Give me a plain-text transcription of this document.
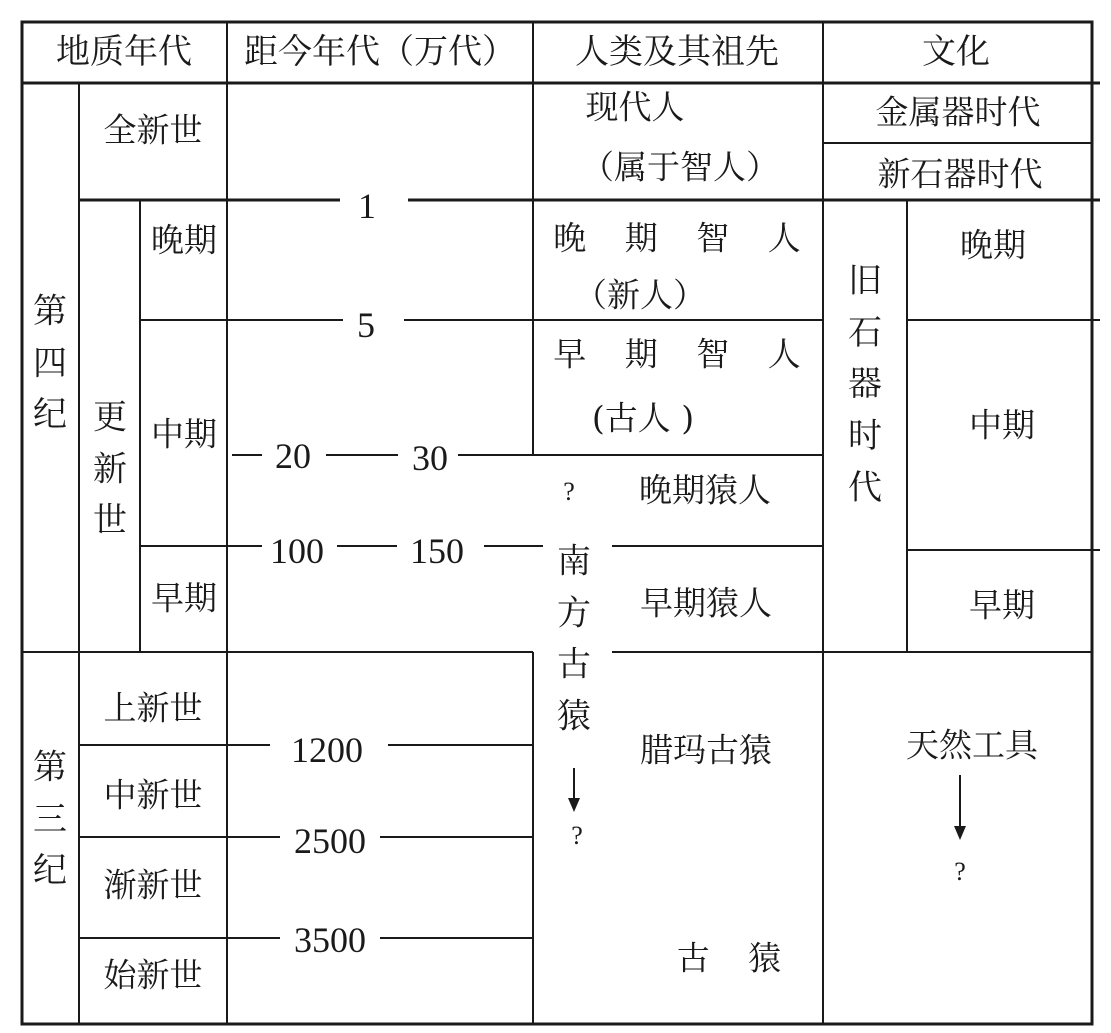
地质年代 距今年代（万代） 人类及其祖先	文化
第四纪
第三纪
全新世
更新世
上新世
中新世
渐新世
始新世
晚期
中期
早期
1
5
20	30
100 150
1200
2500
3500
现代人
（属于智人）
晚 期 智 人
（新人）
早 期 智 人
(古人 )
? 晚期猿人
南方古猿
早期猿人
?
腊玛古猿
古 猿
金属器时代
新石器时代
旧石器时代
晚期
中期
早期
天然工具
?
